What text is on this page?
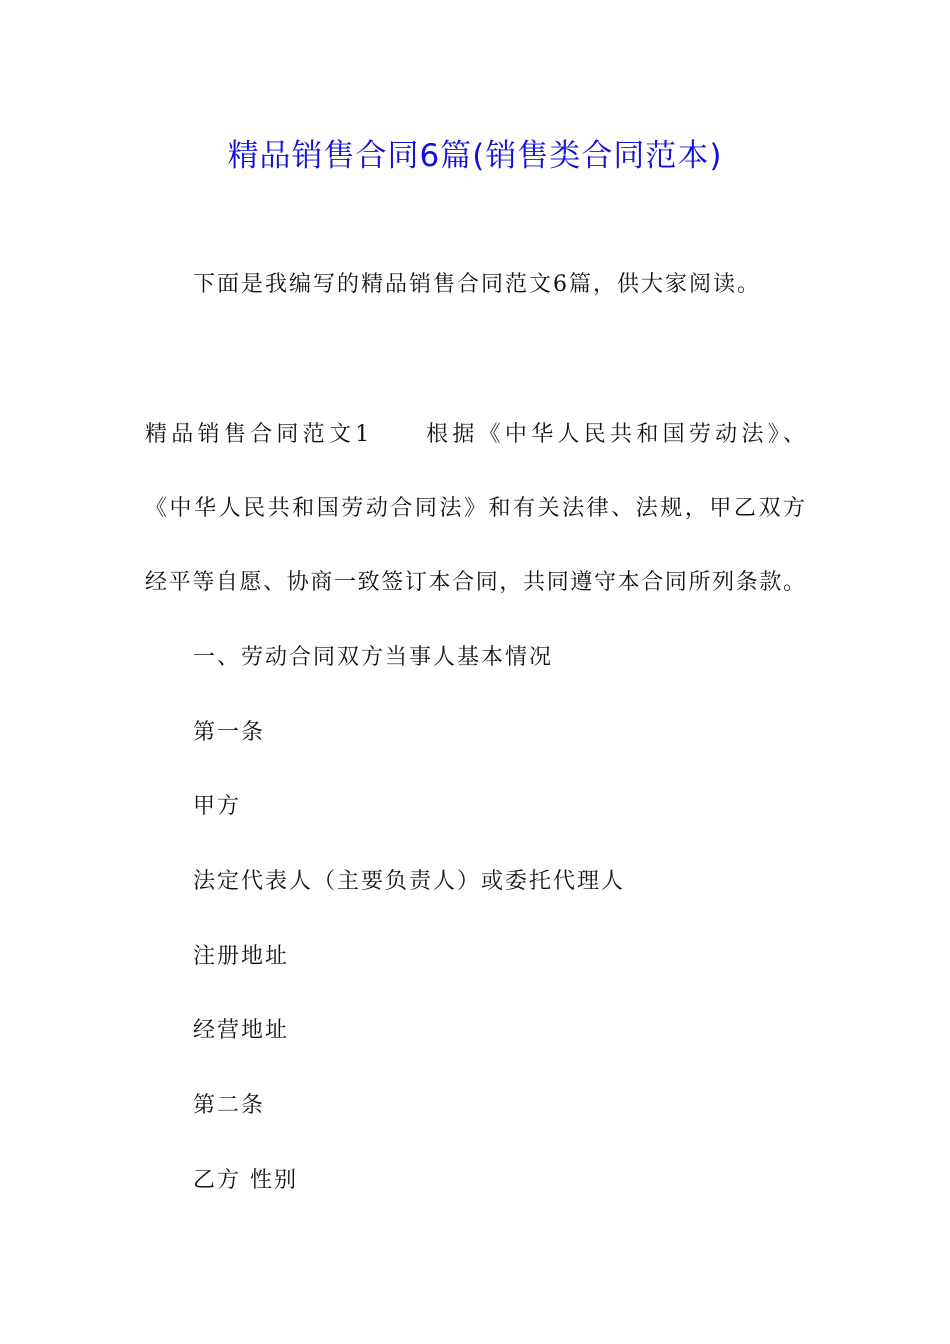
精品销售合同6篇(销售类合同范本)
下面是我编写的精品销售合同范文6篇，供大家阅读。
精品销售合同范文1　　根据《中华人民共和国劳动法》、
《中华人民共和国劳动合同法》和有关法律、法规，甲乙双方
经平等自愿、协商一致签订本合同，共同遵守本合同所列条款。
一、劳动合同双方当事人基本情况
第一条
甲方
法定代表人（主要负责人）或委托代理人
注册地址
经营地址
第二条
乙方 性别
